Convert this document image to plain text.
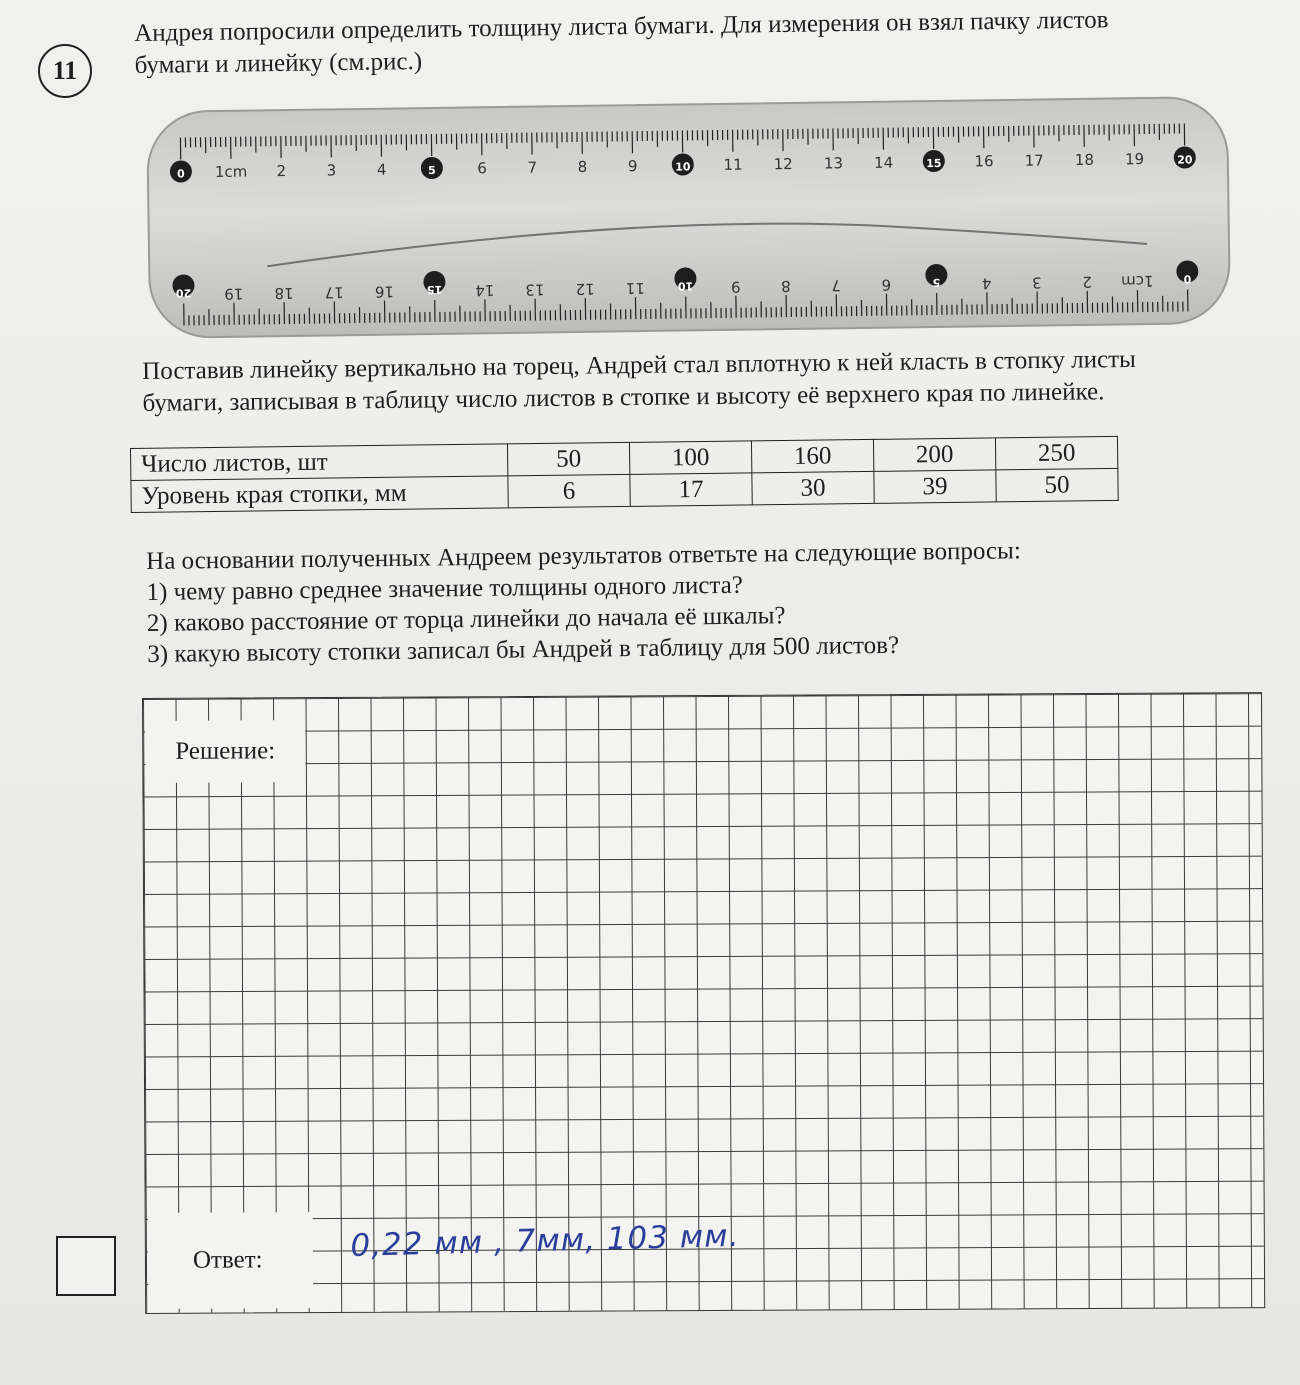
11
Андрея попросили определить толщину листа бумаги. Для измерения он взял пачку листов
бумаги и линейку (см.рис.)
0 1cm 2	3	4	5	6	7	8	9	10 11 12 13 14	15 16 17 18 19	20
0
1cm
2
3
4
5
6
7
8
9
10
11
12
13
14
15
16
17
18
19
20
Поставив линейку вертикально на торец, Андрей стал вплотную к ней класть в стопку листы
бумаги, записывая в таблицу число листов в стопке и высоту её верхнего края по линейке.
Число листов, шт	50	100	160	200	250
Уровень края стопки, мм	6	17	30	39	50
На основании полученных Андреем результатов ответьте на следующие вопросы:
1) чему равно среднее значение толщины одного листа?
2) каково расстояние от торца линейки до начала её шкалы?
3) какую высоту стопки записал бы Андрей в таблицу для 500 листов?
Решение:
Ответ:	0,22 мм , 7мм, 103 мм.
